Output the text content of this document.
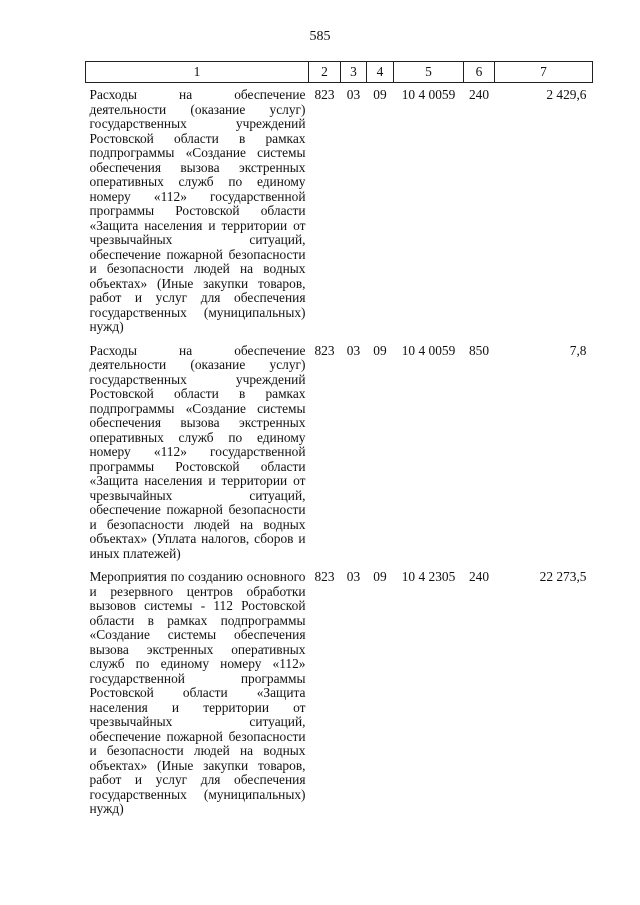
585
1	2	3	4	5	6	7
Расходы на обеспечение деятельности (оказание услуг) государственных учреждений Ростовской области в рамках подпрограммы «Создание системы обеспечения вызова экстренных оперативных служб по единому номеру «112» государственной программы Ростовской области «Защита населения и территории от чрезвычайных ситуаций, обеспечение пожарной безопасности и безопасности людей на водных объектах» (Иные закупки товаров, работ и услуг для обеспечения государственных (муниципальных) нужд)	823	03	09	10 4 0059	240	2 429,6
Расходы на обеспечение деятельности (оказание услуг) государственных учреждений Ростовской области в рамках подпрограммы «Создание системы обеспечения вызова экстренных оперативных служб по единому номеру «112» государственной программы Ростовской области «Защита населения и территории от чрезвычайных ситуаций, обеспечение пожарной безопасности и безопасности людей на водных объектах» (Уплата налогов, сборов и иных платежей)	823	03	09	10 4 0059	850	7,8
Мероприятия по созданию основного и резервного центров обработки вызовов системы - 112 Ростовской области в рамках подпрограммы «Создание системы обеспечения вызова экстренных оперативных служб по единому номеру «112» государственной программы Ростовской области «Защита населения и территории от чрезвычайных ситуаций, обеспечение пожарной безопасности и безопасности людей на водных объектах» (Иные закупки товаров, работ и услуг для обеспечения государственных (муниципальных) нужд)	823	03	09	10 4 2305	240	22 273,5
